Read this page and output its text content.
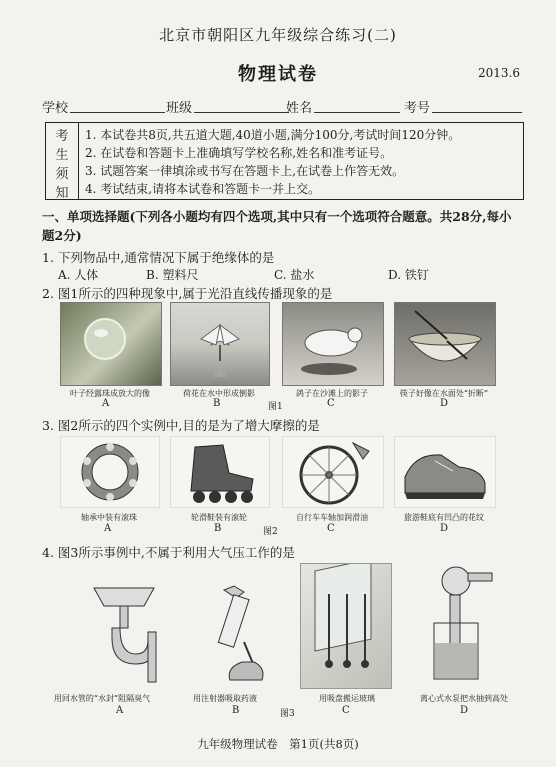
北京市朝阳区九年级综合练习(二)
物理试卷	2013.6
学校	班级	姓名	考号
考
生
须
知
1. 本试卷共8页,共五道大题,40道小题,满分100分,考试时间120分钟。
2. 在试卷和答题卡上准确填写学校名称,姓名和准考证号。
3. 试题答案一律填涂或书写在答题卡上,在试卷上作答无效。
4. 考试结束,请将本试卷和答题卡一并上交。
一、单项选择题(下列各小题均有四个选项,其中只有一个选项符合题意。共28分,每小题2分)
1. 下列物品中,通常情况下属于绝缘体的是
A. 人体	B. 塑料尺	C. 盐水	D. 铁钉
2. 图1所示的四种现象中,属于光沿直线传播现象的是
叶子经露珠成放大的像	荷花在水中形成倒影	鸽子在沙滩上的影子	筷子好像在水面处“折断”
A	B	图1	C	D
3. 图2所示的四个实例中,目的是为了增大摩擦的是
轴承中装有滚珠	轮滑鞋装有滚轮	自行车车轴加润滑油	旅游鞋底有凹凸的花纹
A	B	图2	C	D
4. 图3所示事例中,不属于利用大气压工作的是
用回水管的“水封”阻隔臭气	用注射器吸取药液	用吸盘搬运玻璃	离心式水泵把水抽到高处
A	B	图3	C	D
九年级物理试卷　第1页(共8页)
